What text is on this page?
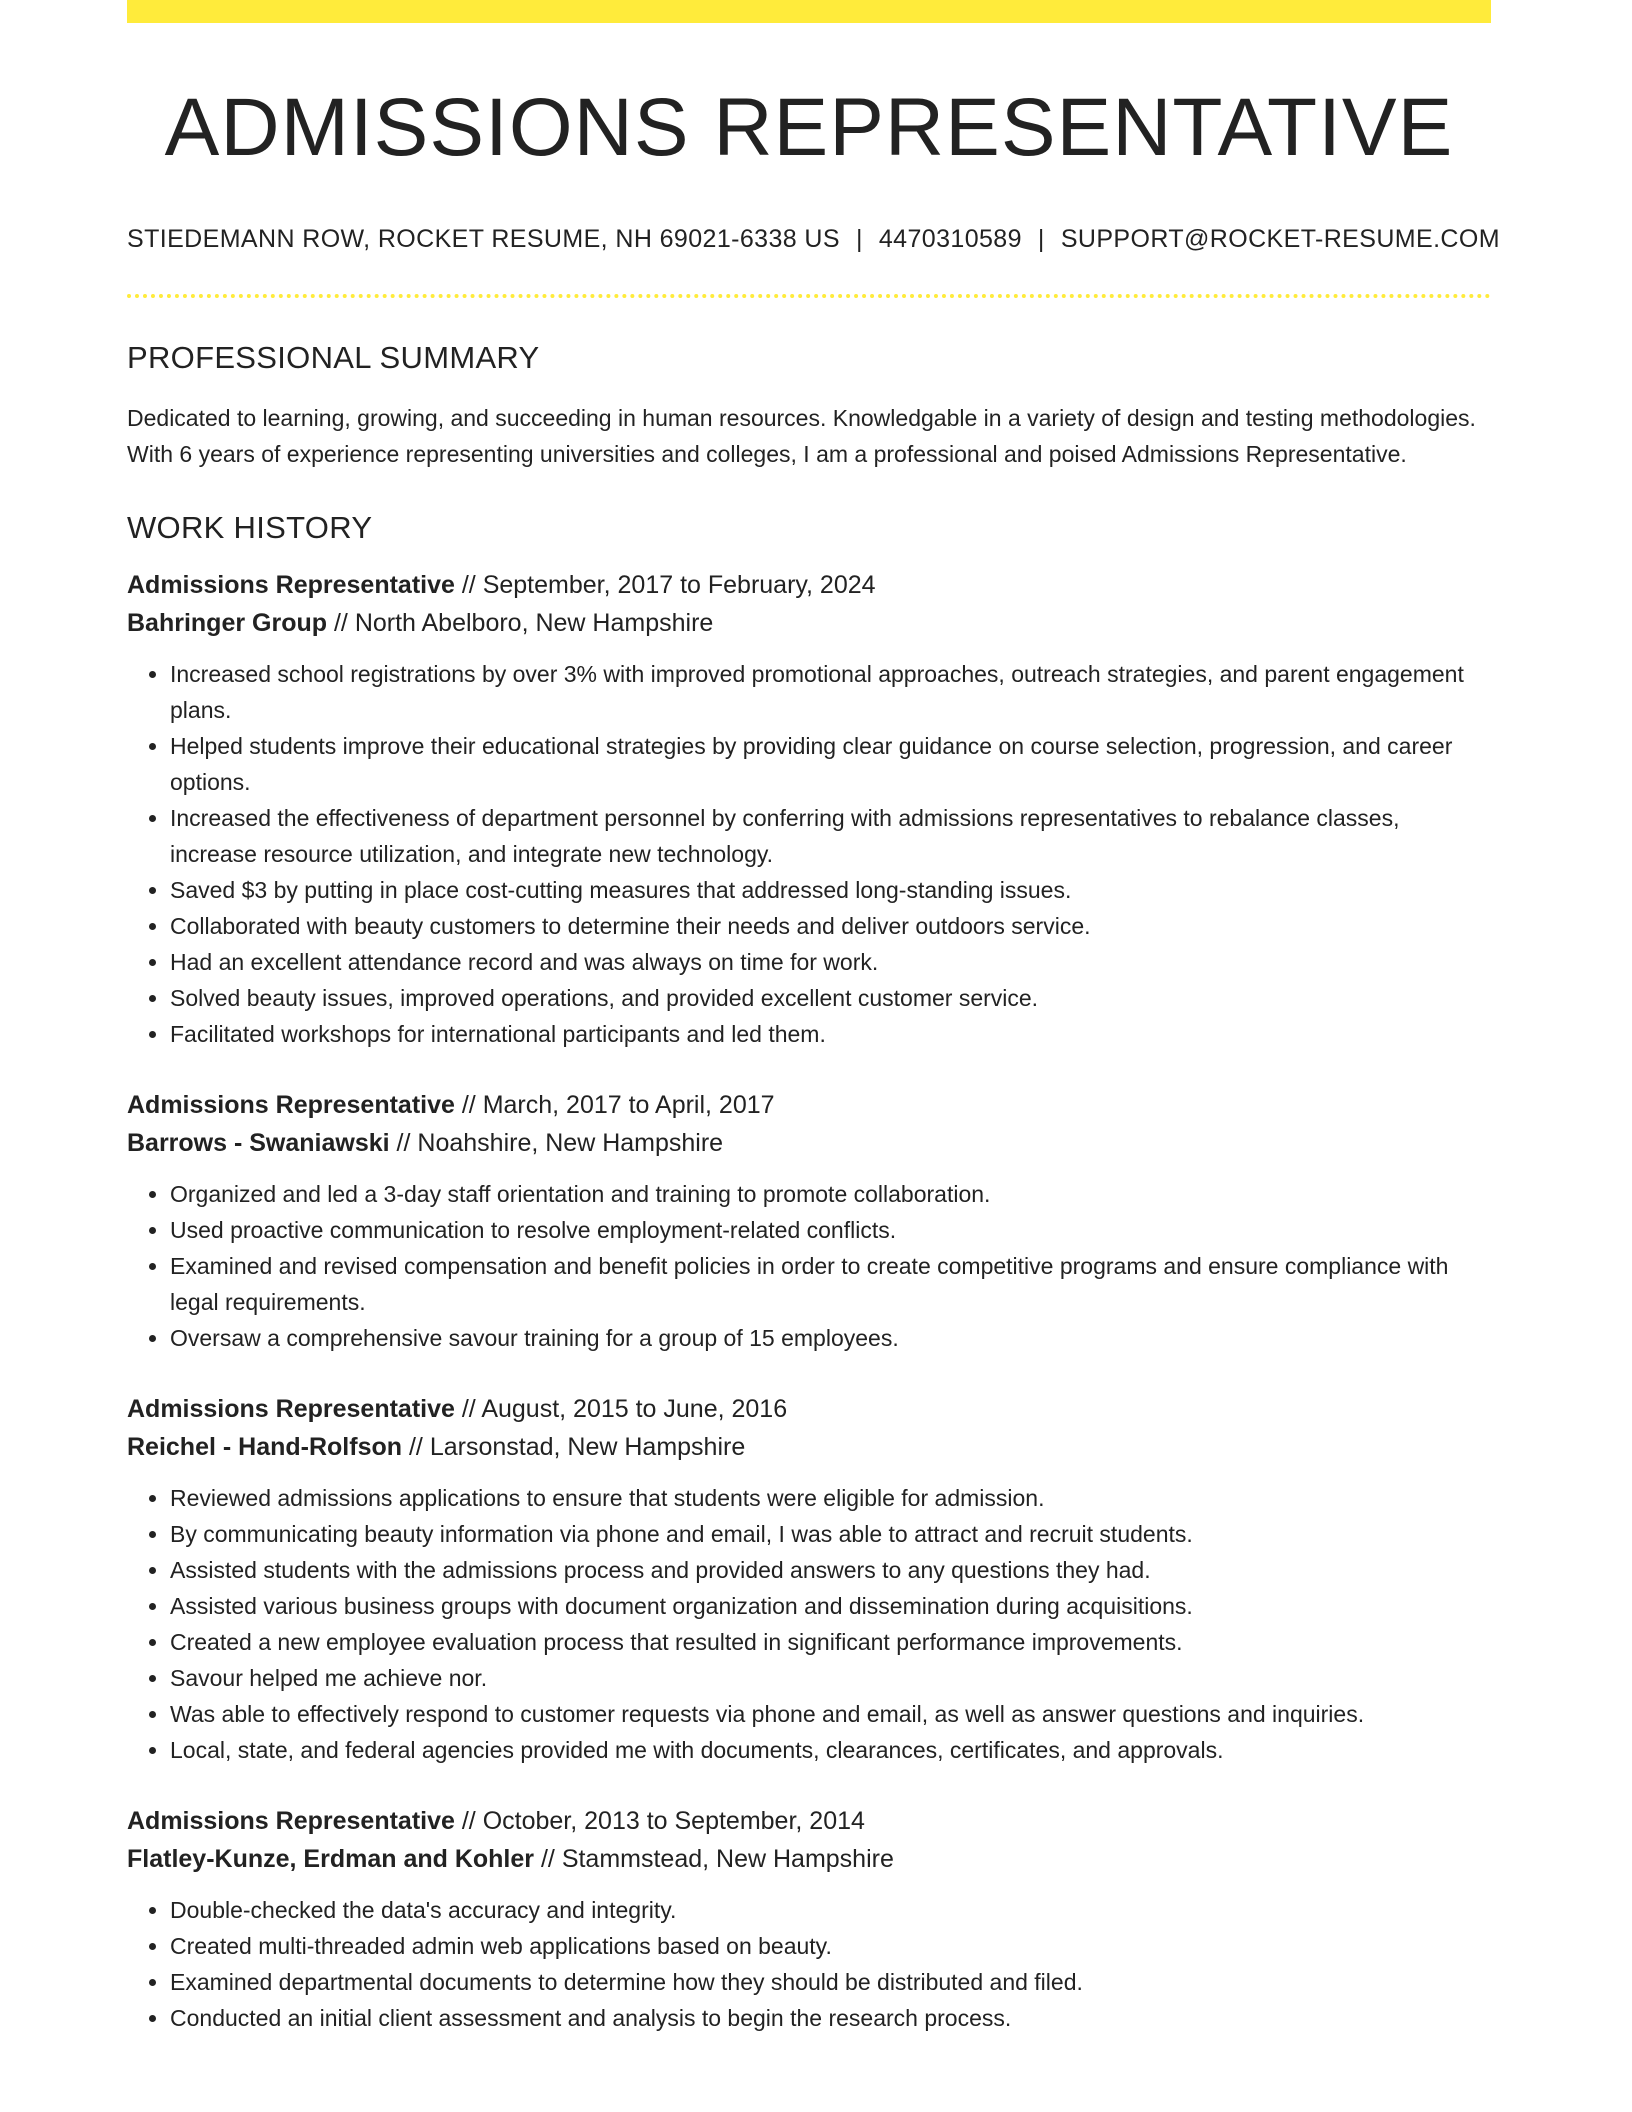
ADMISSIONS REPRESENTATIVE
STIEDEMANN ROW, ROCKET RESUME, NH 69021-6338 US | 4470310589 | SUPPORT@ROCKET-RESUME.COM
PROFESSIONAL SUMMARY
Dedicated to learning, growing, and succeeding in human resources. Knowledgable in a variety of design and testing methodologies. With 6 years of experience representing universities and colleges, I am a professional and poised Admissions Representative.
WORK HISTORY
Admissions Representative // September, 2017 to February, 2024
Bahringer Group // North Abelboro, New Hampshire
• Increased school registrations by over 3% with improved promotional approaches, outreach strategies, and parent engagement plans.
• Helped students improve their educational strategies by providing clear guidance on course selection, progression, and career options.
• Increased the effectiveness of department personnel by conferring with admissions representatives to rebalance classes, increase resource utilization, and integrate new technology.
• Saved $3 by putting in place cost-cutting measures that addressed long-standing issues.
• Collaborated with beauty customers to determine their needs and deliver outdoors service.
• Had an excellent attendance record and was always on time for work.
• Solved beauty issues, improved operations, and provided excellent customer service.
• Facilitated workshops for international participants and led them.
Admissions Representative // March, 2017 to April, 2017
Barrows - Swaniawski // Noahshire, New Hampshire
• Organized and led a 3-day staff orientation and training to promote collaboration.
• Used proactive communication to resolve employment-related conflicts.
• Examined and revised compensation and benefit policies in order to create competitive programs and ensure compliance with legal requirements.
• Oversaw a comprehensive savour training for a group of 15 employees.
Admissions Representative // August, 2015 to June, 2016
Reichel - Hand-Rolfson // Larsonstad, New Hampshire
• Reviewed admissions applications to ensure that students were eligible for admission.
• By communicating beauty information via phone and email, I was able to attract and recruit students.
• Assisted students with the admissions process and provided answers to any questions they had.
• Assisted various business groups with document organization and dissemination during acquisitions.
• Created a new employee evaluation process that resulted in significant performance improvements.
• Savour helped me achieve nor.
• Was able to effectively respond to customer requests via phone and email, as well as answer questions and inquiries.
• Local, state, and federal agencies provided me with documents, clearances, certificates, and approvals.
Admissions Representative // October, 2013 to September, 2014
Flatley-Kunze, Erdman and Kohler // Stammstead, New Hampshire
• Double-checked the data's accuracy and integrity.
• Created multi-threaded admin web applications based on beauty.
• Examined departmental documents to determine how they should be distributed and filed.
• Conducted an initial client assessment and analysis to begin the research process.
